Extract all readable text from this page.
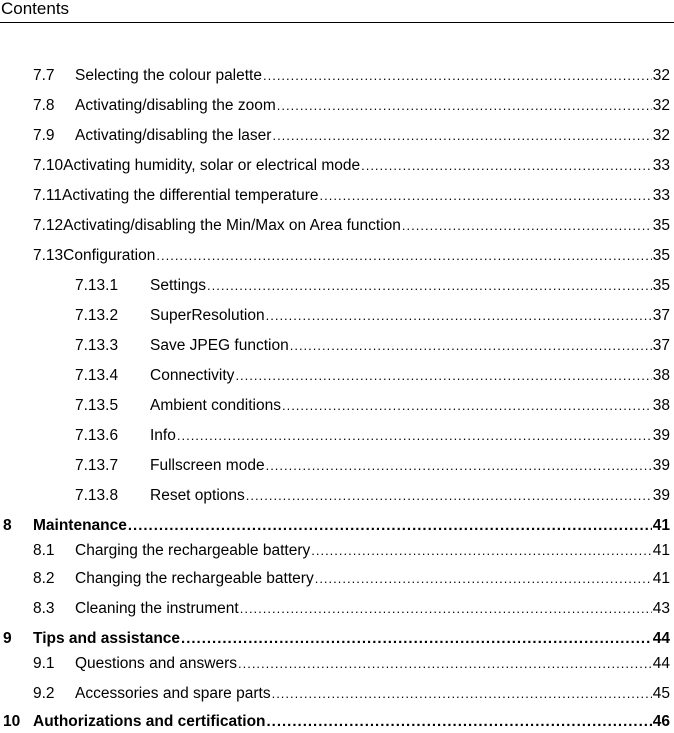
Contents
7.7	Selecting the colour palette .....	32
7.8	Activating/disabling the zoom .....	32
7.9	Activating/disabling the laser .....	32
7.10 Activating humidity, solar or electrical mode .....	33
7.11 Activating the differential temperature .....	33
7.12 Activating/disabling the Min/Max on Area function .....	35
7.13 Configuration .....	35
7.13.1	Settings .....	35
7.13.2	SuperResolution .....	37
7.13.3	Save JPEG function .....	37
7.13.4	Connectivity .....	38
7.13.5	Ambient conditions .....	38
7.13.6	Info .....	39
7.13.7	Fullscreen mode .....	39
7.13.8	Reset options .....	39
8	Maintenance .....	41
8.1	Charging the rechargeable battery .....	41
8.2	Changing the rechargeable battery .....	41
8.3	Cleaning the instrument .....	43
9	Tips and assistance .....	44
9.1	Questions and answers .....	44
9.2	Accessories and spare parts .....	45
10 Authorizations and certification .....	46
